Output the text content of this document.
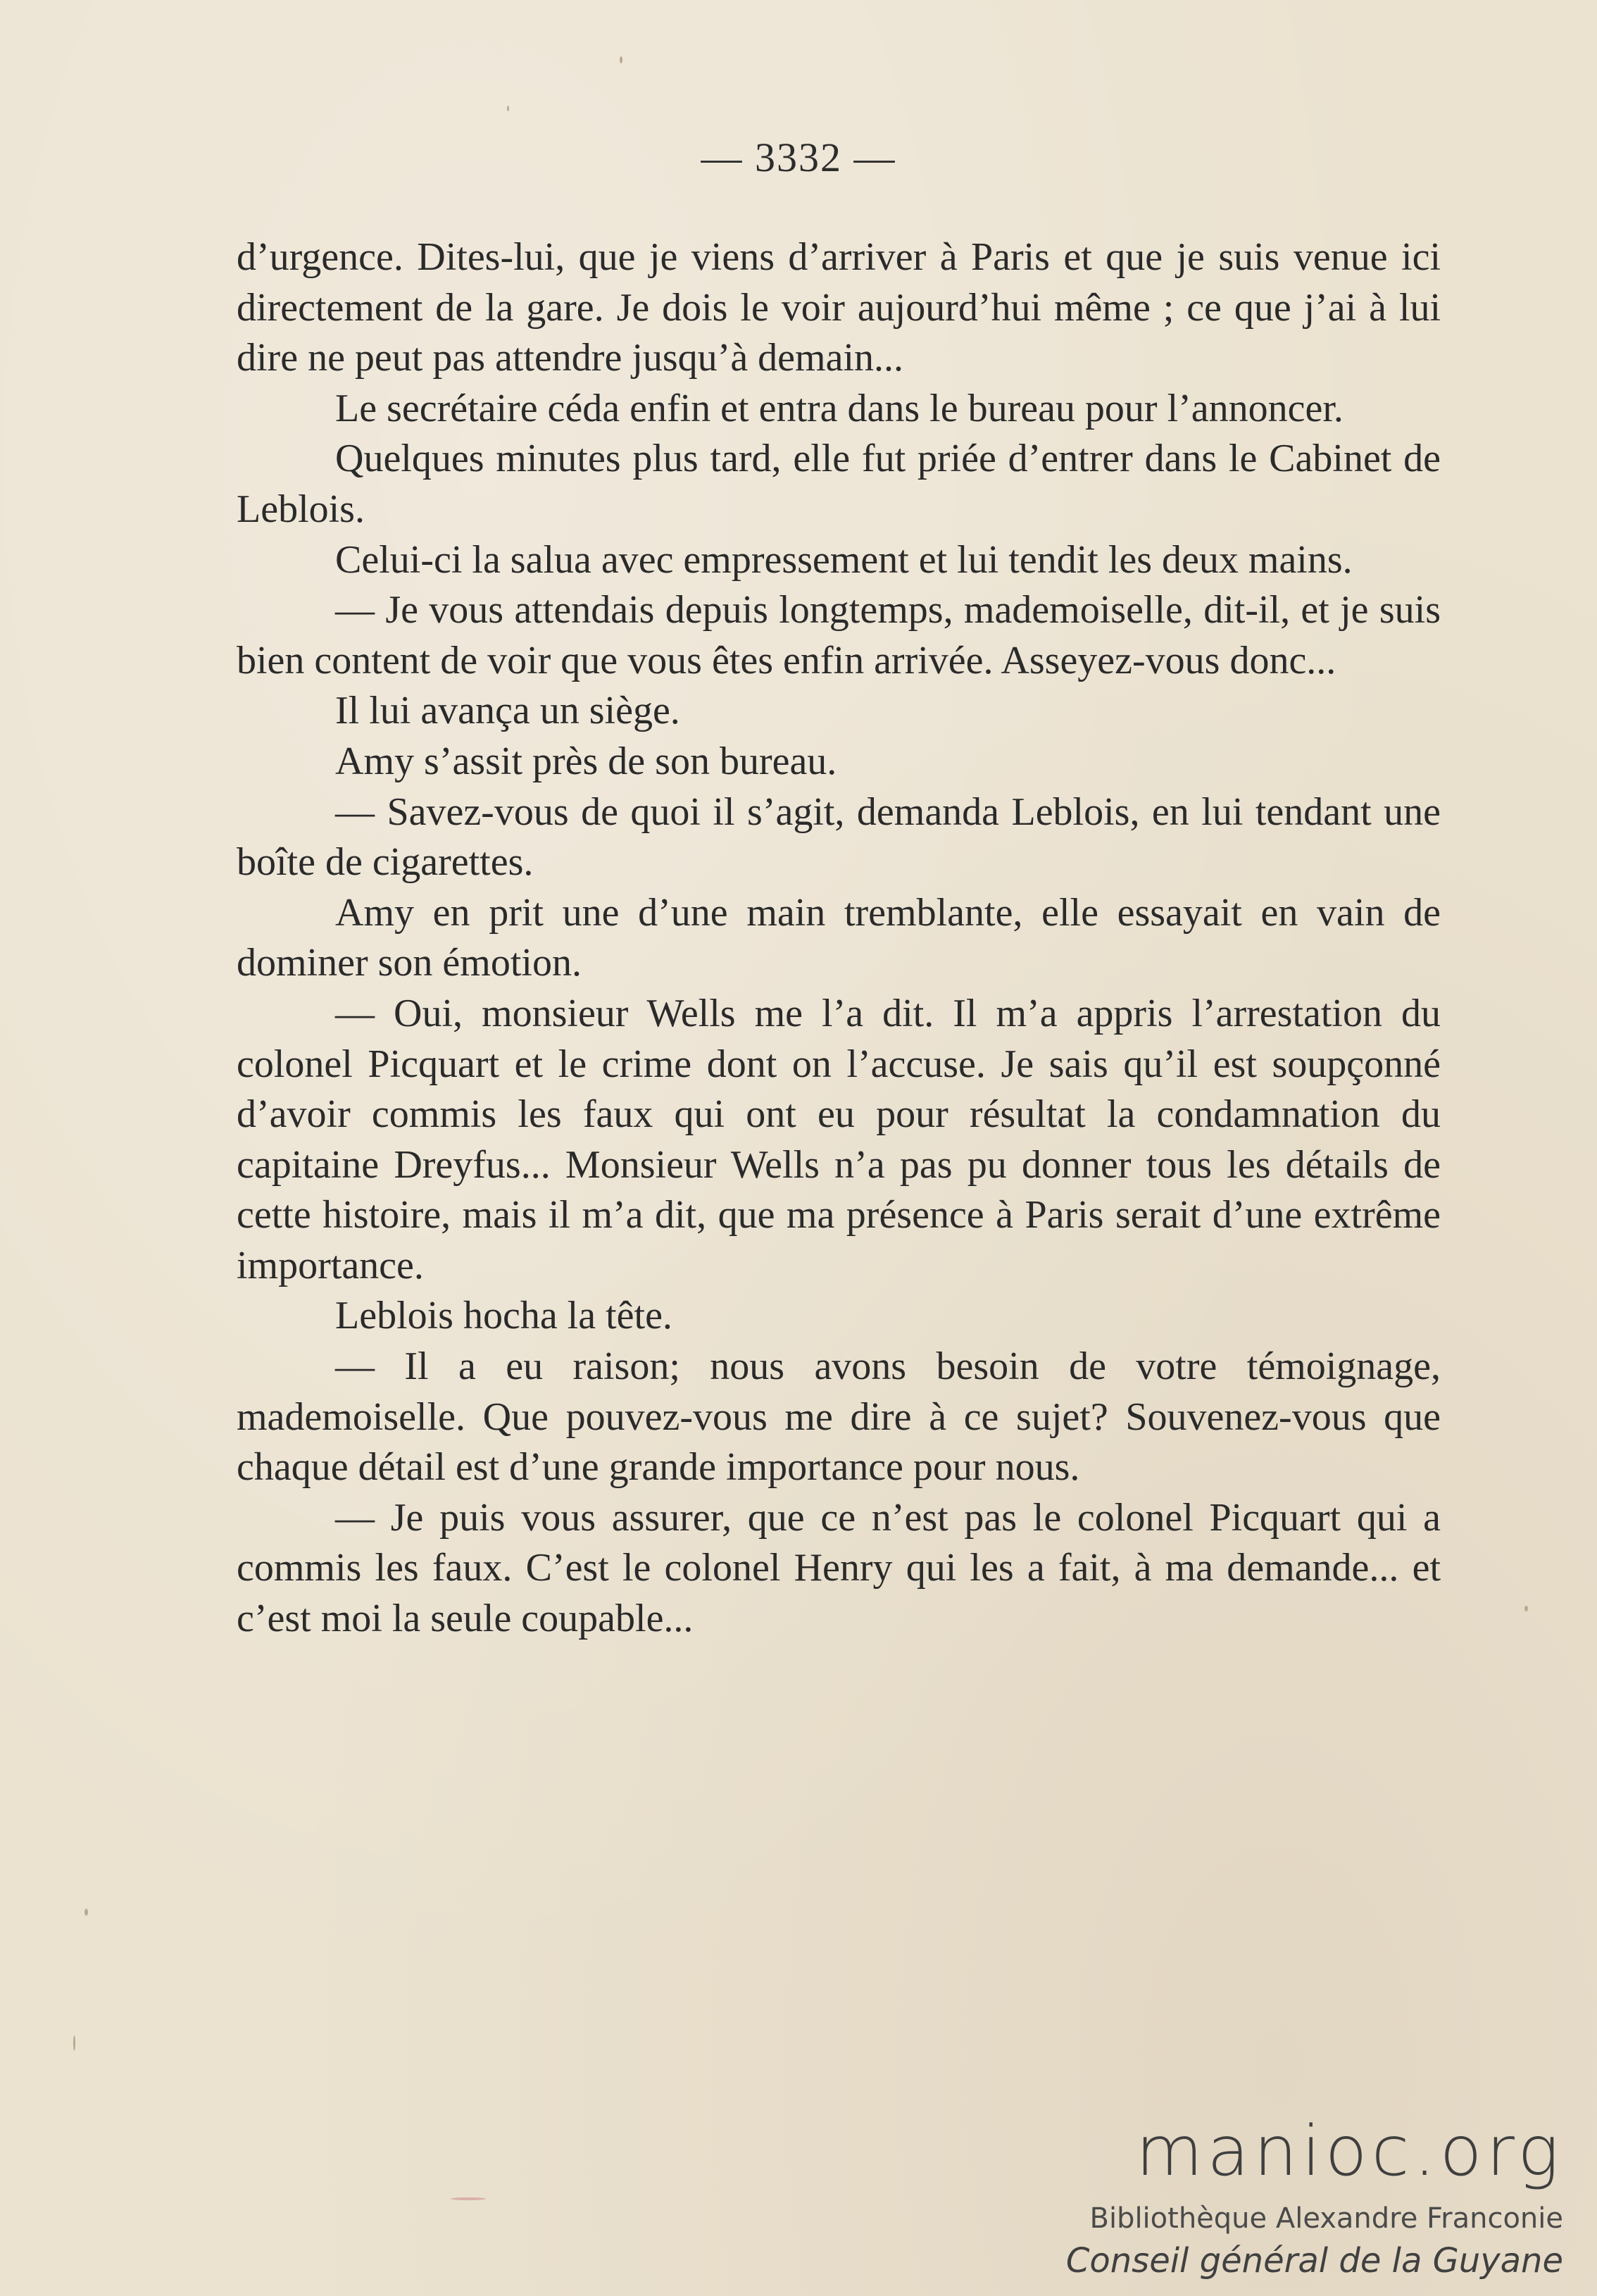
— 3332 —

d’urgence. Dites-lui, que je viens d’arriver à Paris et que je suis venue ici directement de la gare. Je dois le voir aujourd’hui même ; ce que j’ai à lui dire ne peut pas attendre jusqu’à demain...

Le secrétaire céda enfin et entra dans le bureau pour l’annoncer.

Quelques minutes plus tard, elle fut priée d’entrer dans le Cabinet de Leblois.

Celui-ci la salua avec empressement et lui tendit les deux mains.

— Je vous attendais depuis longtemps, mademoiselle, dit-il, et je suis bien content de voir que vous êtes enfin arrivée. Asseyez-vous donc...

Il lui avança un siège.

Amy s’assit près de son bureau.

— Savez-vous de quoi il s’agit, demanda Leblois, en lui tendant une boîte de cigarettes.

Amy en prit une d’une main tremblante, elle essayait en vain de dominer son émotion.

— Oui, monsieur Wells me l’a dit. Il m’a appris l’arrestation du colonel Picquart et le crime dont on l’accuse. Je sais qu’il est soupçonné d’avoir commis les faux qui ont eu pour résultat la condamnation du capitaine Dreyfus... Monsieur Wells n’a pas pu donner tous les détails de cette histoire, mais il m’a dit, que ma présence à Paris serait d’une extrême importance.

Leblois hocha la tête.

— Il a eu raison; nous avons besoin de votre témoignage, mademoiselle. Que pouvez-vous me dire à ce sujet? Souvenez-vous que chaque détail est d’une grande importance pour nous.

— Je puis vous assurer, que ce n’est pas le colonel Picquart qui a commis les faux. C’est le colonel Henry qui les a fait, à ma demande... et c’est moi la seule coupable...

manioc.org
Bibliothèque Alexandre Franconie
Conseil général de la Guyane
